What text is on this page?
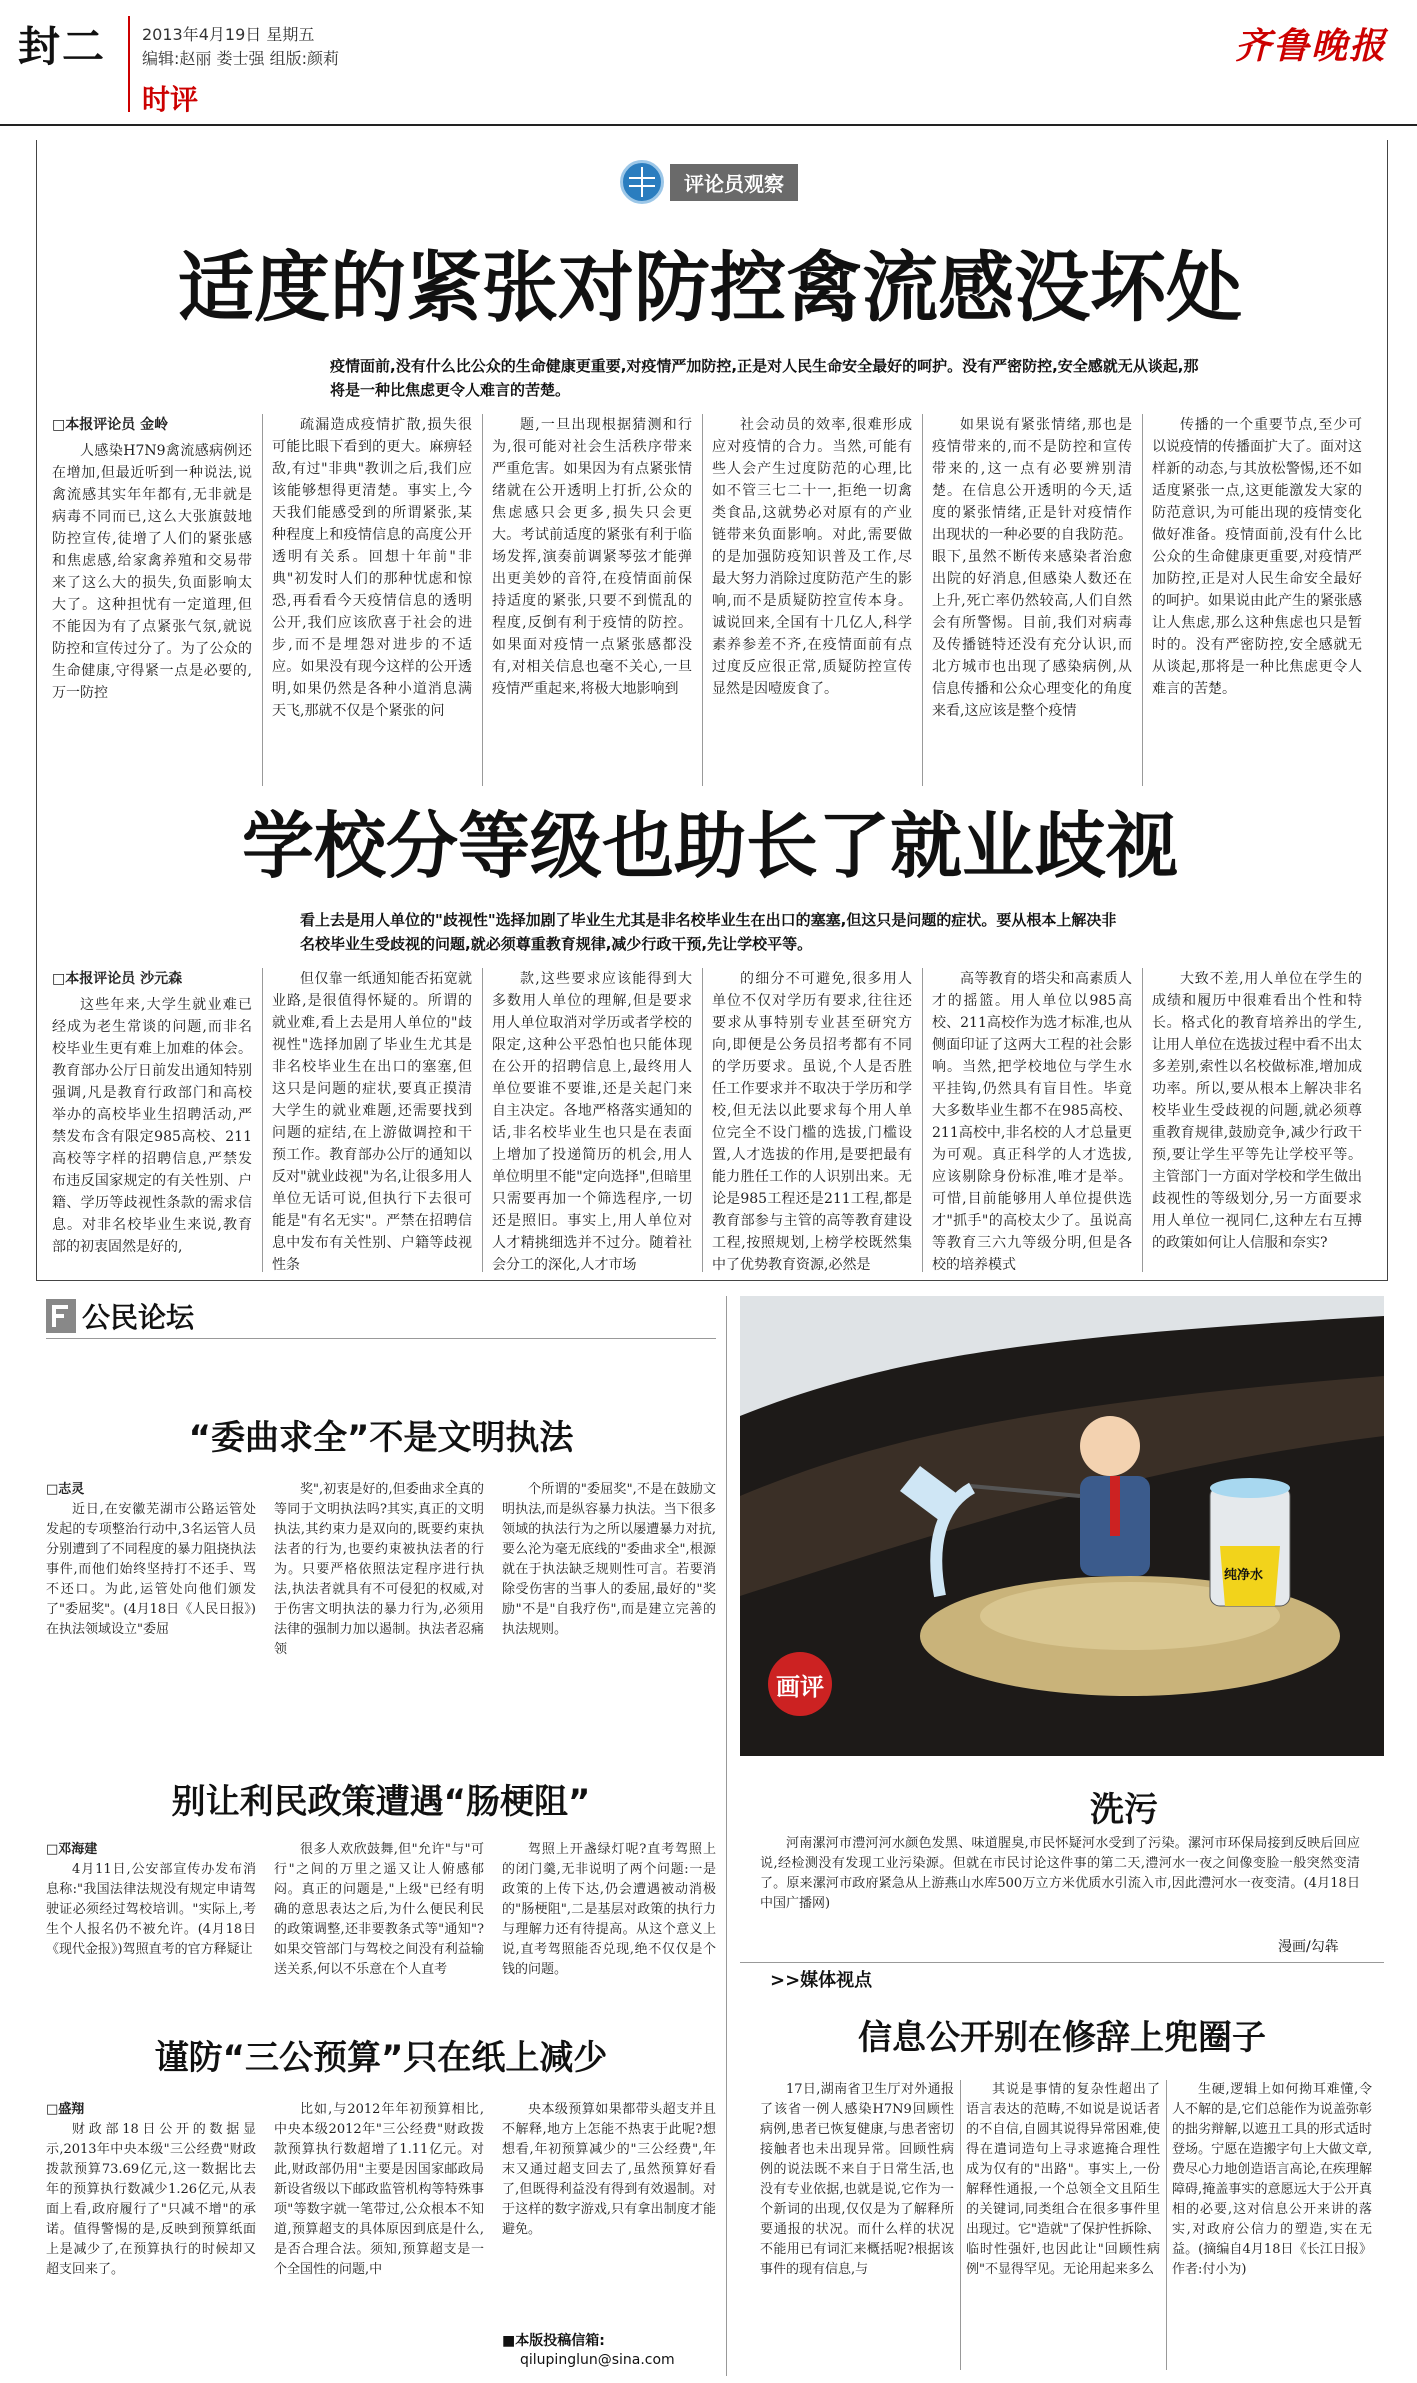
封二 2013年4月19日 星期五
编辑:赵丽 娄士强 组版:颜莉
时评
齐鲁晚报
评论员观察
适度的紧张对防控禽流感没坏处
疫情面前,没有什么比公众的生命健康更重要,对疫情严加防控,正是对人民生命安全最好的呵护。没有严密防控,安全感就无从谈起,那将是一种比焦虑更令人难言的苦楚。

□本报评论员 金岭

人感染H7N9禽流感病例还在增加,但最近听到一种说法,说禽流感其实年年都有,无非就是病毒不同而已,这么大张旗鼓地防控宣传,徒增了人们的紧张感和焦虑感,给家禽养殖和交易带来了这么大的损失,负面影响太大了。这种担忧有一定道理,但不能因为有了点紧张气氛,就说防控和宣传过分了。为了公众的生命健康,守得紧一点是必要的,万一防控

疏漏造成疫情扩散,损失很可能比眼下看到的更大。麻痹轻敌,有过"非典"教训之后,我们应该能够想得更清楚。事实上,今天我们能感受到的所谓紧张,某种程度上和疫情信息的高度公开透明有关系。回想十年前"非典"初发时人们的那种忧虑和惊恐,再看看今天疫情信息的透明公开,我们应该欣喜于社会的进步,而不是埋怨对进步的不适应。如果没有现今这样的公开透明,如果仍然是各种小道消息满天飞,那就不仅是个紧张的问

题,一旦出现根据猜测和行为,很可能对社会生活秩序带来严重危害。如果因为有点紧张情绪就在公开透明上打折,公众的焦虑感只会更多,损失只会更大。考试前适度的紧张有利于临场发挥,演奏前调紧琴弦才能弹出更美妙的音符,在疫情面前保持适度的紧张,只要不到慌乱的程度,反倒有利于疫情的防控。如果面对疫情一点紧张感都没有,对相关信息也毫不关心,一旦疫情严重起来,将极大地影响到

社会动员的效率,很难形成应对疫情的合力。当然,可能有些人会产生过度防范的心理,比如不管三七二十一,拒绝一切禽类食品,这就势必对原有的产业链带来负面影响。对此,需要做的是加强防疫知识普及工作,尽最大努力消除过度防范产生的影响,而不是质疑防控宣传本身。诚说回来,全国有十几亿人,科学素养参差不齐,在疫情面前有点过度反应很正常,质疑防控宣传显然是因噎废食了。

如果说有紧张情绪,那也是疫情带来的,而不是防控和宣传带来的,这一点有必要辨别清楚。在信息公开透明的今天,适度的紧张情绪,正是针对疫情作出现状的一种必要的自我防范。眼下,虽然不断传来感染者治愈出院的好消息,但感染人数还在上升,死亡率仍然较高,人们自然会有所警惕。目前,我们对病毒及传播链特还没有充分认识,而北方城市也出现了感染病例,从信息传播和公众心理变化的角度来看,这应该是整个疫情

传播的一个重要节点,至少可以说疫情的传播面扩大了。面对这样新的动态,与其放松警惕,还不如适度紧张一点,这更能激发大家的防范意识,为可能出现的疫情变化做好准备。疫情面前,没有什么比公众的生命健康更重要,对疫情严加防控,正是对人民生命安全最好的呵护。如果说由此产生的紧张感让人焦虑,那么这种焦虑也只是暂时的。没有严密防控,安全感就无从谈起,那将是一种比焦虑更令人难言的苦楚。

学校分等级也助长了就业歧视
看上去是用人单位的"歧视性"选择加剧了毕业生尤其是非名校毕业生在出口的塞塞,但这只是问题的症状。要从根本上解决非名校毕业生受歧视的问题,就必须尊重教育规律,减少行政干预,先让学校平等。

□本报评论员 沙元森

这些年来,大学生就业难已经成为老生常谈的问题,而非名校毕业生更有难上加难的体会。教育部办公厅日前发出通知特别强调,凡是教育行政部门和高校举办的高校毕业生招聘活动,严禁发布含有限定985高校、211高校等字样的招聘信息,严禁发布违反国家规定的有关性别、户籍、学历等歧视性条款的需求信息。对非名校毕业生来说,教育部的初衷固然是好的,

但仅靠一纸通知能否拓宽就业路,是很值得怀疑的。所谓的就业难,看上去是用人单位的"歧视性"选择加剧了毕业生尤其是非名校毕业生在出口的塞塞,但这只是问题的症状,要真正摸清大学生的就业难题,还需要找到问题的症结,在上游做调控和干预工作。教育部办公厅的通知以反对"就业歧视"为名,让很多用人单位无话可说,但执行下去很可能是"有名无实"。严禁在招聘信息中发布有关性别、户籍等歧视性条

款,这些要求应该能得到大多数用人单位的理解,但是要求用人单位取消对学历或者学校的限定,这种公平恐怕也只能体现在公开的招聘信息上,最终用人单位要谁不要谁,还是关起门来自主决定。各地严格落实通知的话,非名校毕业生也只是在表面上增加了投递简历的机会,用人单位明里不能"定向选择",但暗里只需要再加一个筛选程序,一切还是照旧。事实上,用人单位对人才精挑细选并不过分。随着社会分工的深化,人才市场

的细分不可避免,很多用人单位不仅对学历有要求,往往还要求从事特别专业甚至研究方向,即便是公务员招考都有不同的学历要求。虽说,个人是否胜任工作要求并不取决于学历和学校,但无法以此要求每个用人单位完全不设门槛的选拔,门槛设置,人才选拔的作用,是要把最有能力胜任工作的人识别出来。无论是985工程还是211工程,都是教育部参与主管的高等教育建设工程,按照规划,上榜学校既然集中了优势教育资源,必然是

高等教育的塔尖和高素质人才的摇篮。用人单位以985高校、211高校作为选才标准,也从侧面印证了这两大工程的社会影响。当然,把学校地位与学生水平挂钩,仍然具有盲目性。毕竟大多数毕业生都不在985高校、211高校中,非名校的人才总量更为可观。真正科学的人才选拔,应该剔除身份标准,唯才是举。可惜,目前能够用人单位提供选才"抓手"的高校太少了。虽说高等教育三六九等级分明,但是各校的培养模式

大致不差,用人单位在学生的成绩和履历中很难看出个性和特长。格式化的教育培养出的学生,让用人单位在选拔过程中看不出太多差别,索性以名校做标准,增加成功率。所以,要从根本上解决非名校毕业生受歧视的问题,就必须尊重教育规律,鼓励竞争,减少行政干预,要让学生平等先让学校平等。主管部门一方面对学校和学生做出歧视性的等级划分,另一方面要求用人单位一视同仁,这种左右互搏的政策如何让人信服和奈实?

公民论坛
“委曲求全”不是文明执法

□志灵

近日,在安徽芜湖市公路运管处发起的专项整治行动中,3名运管人员分别遭到了不同程度的暴力阻挠执法事件,而他们始终坚持打不还手、骂不还口。为此,运管处向他们颁发了"委屈奖"。(4月18日《人民日报》)在执法领域设立"委屈

奖",初衷是好的,但委曲求全真的等同于文明执法吗?其实,真正的文明执法,其约束力是双向的,既要约束执法者的行为,也要约束被执法者的行为。只要严格依照法定程序进行执法,执法者就具有不可侵犯的权威,对于伤害文明执法的暴力行为,必须用法律的强制力加以遏制。执法者忍痛领

个所谓的"委屈奖",不是在鼓励文明执法,而是纵容暴力执法。当下很多领域的执法行为之所以屡遭暴力对抗,要么沦为毫无底线的"委曲求全",根源就在于执法缺乏规则性可言。若要消除受伤害的当事人的委屈,最好的"奖励"不是"自我疗伤",而是建立完善的执法规则。

别让利民政策遭遇“肠梗阻”

□邓海建

4月11日,公安部宣传办发布消息称:"我国法律法规没有规定申请驾驶证必须经过驾校培训。"实际上,考生个人报名仍不被允许。(4月18日《现代金报》)驾照直考的官方释疑让

很多人欢欣鼓舞,但"允许"与"可行"之间的万里之遥又让人俯感郁闷。真正的问题是,"上级"已经有明确的意思表达之后,为什么便民利民的政策调整,还非要教条式等"通知"?如果交管部门与驾校之间没有利益输送关系,何以不乐意在个人直考

驾照上开盏绿灯呢?直考驾照上的闭门羹,无非说明了两个问题:一是政策的上传下达,仍会遭遇被动消极的"肠梗阻",二是基层对政策的执行力与理解力还有待提高。从这个意义上说,直考驾照能否兑现,绝不仅仅是个钱的问题。

谨防“三公预算”只在纸上减少

□盛翔

财政部18日公开的数据显示,2013年中央本级"三公经费"财政拨款预算73.69亿元,这一数据比去年的预算执行数减少1.26亿元,从表面上看,政府履行了"只减不增"的承诺。值得警惕的是,反映到预算纸面上是减少了,在预算执行的时候却又超支回来了。

比如,与2012年年初预算相比,中央本级2012年"三公经费"财政拨款预算执行数超增了1.11亿元。对此,财政部仍用"主要是因国家邮政局新设省级以下邮政监管机构等特殊事项"等数字就一笔带过,公众根本不知道,预算超支的具体原因到底是什么,是否合理合法。须知,预算超支是一个全国性的问题,中

央本级预算如果都带头超支并且不解释,地方上怎能不热衷于此呢?想想看,年初预算减少的"三公经费",年末又通过超支回去了,虽然预算好看了,但既得利益没有得到有效遏制。对于这样的数字游戏,只有拿出制度才能避免。

■本版投稿信箱:
qilupinglun@sina.com
纯净水
画评
洗污
河南漯河市澧河河水颜色发黑、味道腥臭,市民怀疑河水受到了污染。漯河市环保局接到反映后回应说,经检测没有发现工业污染源。但就在市民讨论这件事的第二天,澧河水一夜之间像变脸一般突然变清了。原来漯河市政府紧急从上游燕山水库500万立方米优质水引流入市,因此澧河水一夜变清。(4月18日中国广播网)
漫画/勾犇
>>媒体视点
信息公开别在修辞上兜圈子

17日,湖南省卫生厅对外通报了该省一例人感染H7N9回顾性病例,患者已恢复健康,与患者密切接触者也未出现异常。回顾性病例的说法既不来自于日常生活,也没有专业依据,也就是说,它作为一个新词的出现,仅仅是为了解释所要通报的状况。而什么样的状况不能用已有词汇来概括呢?根据该事件的现有信息,与

其说是事情的复杂性超出了语言表达的范畴,不如说是说话者的不自信,自圆其说得异常困难,使得在遣词造句上寻求遮掩合理性成为仅有的"出路"。事实上,一份解释性通报,一个总领全文且陌生的关键词,同类组合在很多事件里出现过。它"造就"了保护性拆除、临时性强奸,也因此让"回顾性病例"不显得罕见。无论用起来多么

生硬,逻辑上如何拗耳难懂,令人不解的是,它们总能作为说盖弥彰的拙劣辩解,以遮丑工具的形式适时登场。宁愿在造搬字句上大做文章,费尽心力地创造语言高论,在疾理解障碍,掩盖事实的意愿远大于公开真相的必要,这对信息公开来讲的落实,对政府公信力的塑造,实在无益。(摘编自4月18日《长江日报》 作者:付小为)
